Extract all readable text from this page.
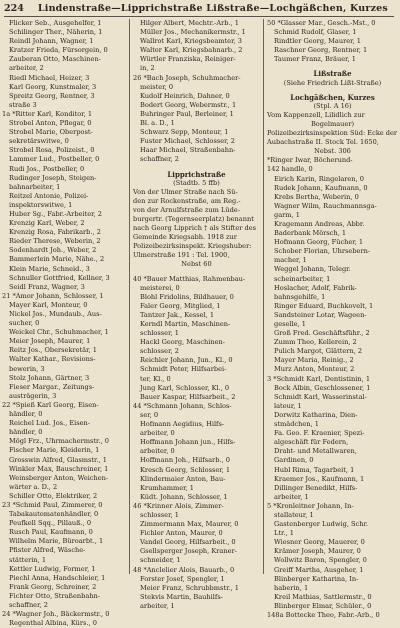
224	Lindenstraße—Lipprichstraße Lißstraße—Lochgäßchen, Kurzes
Flicker Seb., Ausgehelfer, 1
Schilinger Ther., Näherin, 1
Reindl Johann, Wagner, 1
Kratzer Frieda, Fürsorgein, 0
Zauberan Otto, Maschinen-
arbeiter, 2
Riedl Michael, Heizer, 3
Karl Georg, Kunstmaler, 3
Spreitz Georg, Rentner, 3
straße 3
1a *Ritter Karl, Konditor, 1
Strobel Anton, Pflegar, 0
Strobel Marie, Oberpost-
sekretärswitwe, 0
Strobel Rosa, Polizeist., 0
Lammer Lud., Postbeller, 0
Rudi Jos., Postbeller, 0
Rudinger Joseph, Steigen-
bahnarbeiter, 1
Reitzel Antonie, Polizei-
inspektorswitwe, 1
Huber Sg., Fabr.-Arbeiter, 2
Krenzig Karl, Weber, 2
Krenzig Rosa, Fabrikarb., 2
Rieder Therese, Weberin, 2
Sodenhardt Joh., Weber, 2
Bammerlein Marie, Nähe., 2
Klein Marie, Schneid., 3
Schnuller Gottfried, Kellner, 3
Seidl Franz, Wagner, 3
21 *Amor Johann, Schlosser, 1
Mayer Karl, Monteur, 0
Nickel Jos., Mundaub., Aus-
sucher, 0
Weickel Chr., Schuhmacher, 1
Meier Joseph, Maurer, 1
Reitz Jos., Obersekretär, 1
Walter Kathar., Revisions-
bewerin, 3
Stolz Johann, Gärtner, 3
Fieser Margar., Zeitungs-
austrägerin, 3
22 *Spieß Karl Georg, Eisen-
händler, 0
Reichel Lud. Jos., Eisen-
händler, 0
Mögl Frz., Uhrmachermstr., 0
Fischer Marie, Kleiderin, 1
Grosswin Alfred, Glasmstr., 1
Winkler Max, Bauschreiner, 1
Weinsberger Anton, Weichen-
wärter a. D., 2
Schiller Otto, Elektriker, 2
23 *Schmid Paul, Zimmerer, 0
Tabakautomatenhändler, 0
Peufkell Sqq., Pillauß., 0
Rusch Paul, Kaufmann, 0
Wilhelm Marie, Büroarbt., 1
Pfister Alfred, Wäsche-
stätterin, 1
Kettler Ludwig, Former, 1
Piechl Anna, Handschleier, 1
Frank Georg, Schreiner, 2
Fichter Otto, Straßenbahn-
schaffner, 2
24 *Wagner Joh., Bäckermstr., 0
Regenthal Albina, Kürs., 0
Hilger Albert, Mechtr.-Arb., 1
Müller Jos., Mechanikermstr., 1
Wallrot Karl, Kriegsbeamter, 3
Walter Karl, Kriegsbahnarb., 2
Würtler Franziska, Reiniger-
in, 2
26 *Bach Joseph, Schuhmacher-
meister, 0
Kudolf Heinrich, Dahner, 0
Bodert Georg, Webermstr., 1
Buhringer Paul, Berleiner, 1
Bl. a. D., 1
Schwarz Sepp, Monteur, 1
Fuster Michael, Schlosser, 2
Haar Michael, Straßenbahn-
schaffner, 2
Lipprichstraße
(Stadtb. 5 ffb)
Von der Ulmer Straße nach Sü-
den zur Rockenstraße, am Reg.-
von der Arnulfstraße zum Lüde-
burgertr. (Tegernseerplatz) benannt
nach Georg Lipprich † als Stifter des
Gemeinde Kriegsabh. 1918 zur
Polizeibezirksinspekt. Kriegshuber:
Ulmerstraße 191 : Tel. 1900,
Nebst 60
40 *Bauer Matthias, Rahmenbau-
meisterei, 0
Blohl Fridolins, Bildhauer, 0
Faler Georg, Mitglied, 1
Tantzer Jak., Kessel, 1
Kerndl Martin, Maschinen-
schlosser, 1
Hackl Georg, Maschinen-
schlosser, 2
Reichler Johann, Jun., Kl., 0
Schmidt Peter, Hilfsarbei-
ter, Kl., 0
Jung Karl, Schlosser, Kl., 0
Bauer Kaspar, Hilfsarbeit., 2
44 *Schmann Johann, Schlos-
ser, 0
Hofmann Aegidius, Hilfs-
arbeiter, 0
Hoffmann Johann jun., Hilfs-
arbeiter, 0
Hoffmann Joh., Hilfsarb., 0
Kresch Georg, Schlosser, 1
Klindermaier Anton, Bau-
Krumhammer, 1
Küdt. Johann, Schlosser, 1
46 *Krinner Alois, Zimmer-
schlosser, 1
Zimmermann Max, Maurer, 0
Fichler Anton, Maurer, 0
Vandel Georg, Hilfsarbeit., 0
Gsellsperger Joseph, Kraner-
schneider, 1
48 *Anclelier Alois, Bauarb., 0
Forster Josef, Spengler, 1
Meier Franz, Schrubbmstr., 1
Stekvis Martin, Bauhilfs-
arbeiter, 1
50 *Glasser Mar., Gesch.-Mst., 0
Schmid Rudolf, Glaser, 1
Rindtler Georg, Maurer, 1
Raschner Georg, Rentner, 1
Taumer Franz, Bräuer, 1
Lißstraße
(Siehe Friedrich Lißt-Straße)
Lochgäßchen, Kurzes
(Stpl. A 16)
Vom Kappenzell, Lilidlich zur
Bogelmauer)
Polizeibezirksinspektion Süd: Ecke der
Aubachstraße II. Stock Tel. 1650,
Nebst. 306
*Ringer Iwar, Böcherund-
142 handle, 0
Eirich Karin, Ringelaren, 0
Rudek Johann, Kaufmann, 0
Krebs Bertha, Weberin, 0
Wagner Wilm, Rauchmannsga-
garm, 1
Kragemann Andreas, Abbr.
Baderbank Mörsch, 1
Hofmann Georg, Fücher, 1
Schober Florian, Uhrsebern-
macher, 1
Weggel Johann, Telegr.
scheinarbeiter, 1
Hoslacher, Adolf, Fabrik-
bahnsgehilfe, 1
Ringer Eduard, Buchkovelt, 1
Sandsteiner Lotar, Wageen-
geselle, 1
Groß Fred. Geschäftsführ., 2
Zumm Theo, Kellerein, 2
Pulich Margot, Glättern, 2
Mayer Maria, Reinig., 2
Murz Anton, Monteur, 2
3 *Schmidt Karl, Dentistinin, 1
Bock Albin, Geschlossener, 1
Schmidt Karl, Wasserinstal-
lateur, 1
Dorwitz Katharina, Dien-
stmädchen, 1
Fa. Geo. F. Kraenier, Spezi-
algeschäft für Federn,
Draht- und Metallwaren,
Gardinen, 0
Hubl Rima, Tagarbeit, 1
Kraemer Jos., Kaufmann, 1
Dillinger Benedikt, Hilfs-
arbeiter, 1
5 *Kronleitner Johann, In-
stallateur, 1
Gastenberger Ludwig, Schr.
Ltr., 1
Wiesner Georg, Mauerer, 0
Krämer Joseph, Maurer, 0
Wollwitz Baron, Spengler, 0
Greiff Martha, Ausgeher, 1
Blinberger Katharina, In-
haberin, 1
Kreil Mathias, Sattlermstr., 0
Blinberger Elmar, Schüler., 0
148a Bottecke Theo, Fabr.-Arb., 0
